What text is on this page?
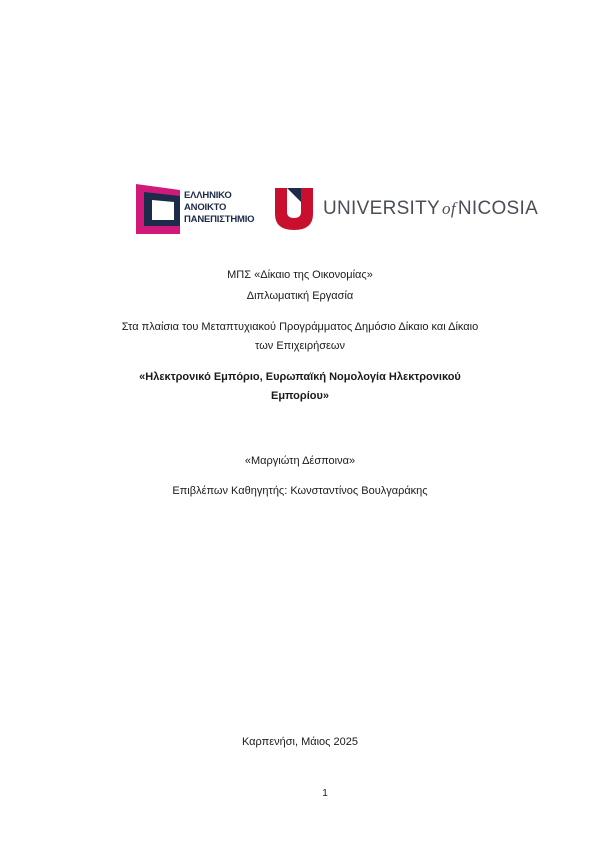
ΕΛΛΗΝΙΚΟ
ΑΝΟΙΚΤΟ
ΠΑΝΕΠΙΣΤΗΜΙΟ
UNIVERSITY of NICOSIA
ΜΠΣ «Δίκαιο της Οικονομίας»
Διπλωματική Εργασία
Στα πλαίσια του Μεταπτυχιακού Προγράμματος Δημόσιο Δίκαιο και Δίκαιο
των Επιχειρήσεων
«Ηλεκτρονικό Εμπόριο, Ευρωπαϊκή Νομολογία Ηλεκτρονικού
Εμπορίου»
«Μαργιώτη Δέσποινα»
Επιβλέπων Καθηγητής: Κωνσταντίνος Βουλγαράκης
Καρπενήσι, Μάιος 2025
1
